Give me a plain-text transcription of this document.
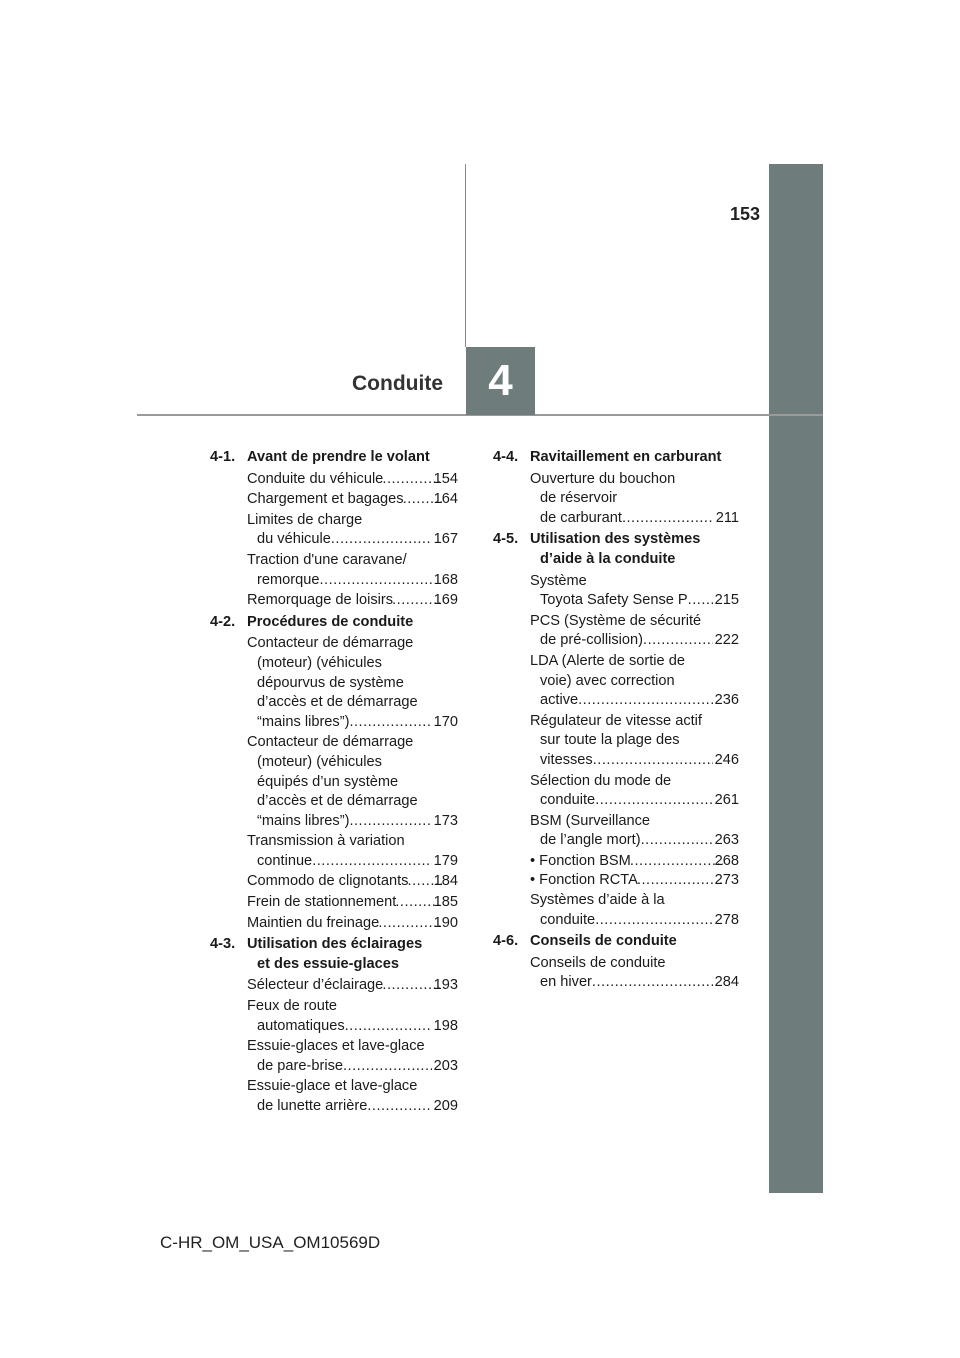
153
4
Conduite
4-1. Avant de prendre le volant
Conduite du véhicule .....	154
Chargement et bagages ..... 164
Limites de charge
du véhicule .....	167
Traction d'une caravane/
remorque .....	168
Remorquage de loisirs .....	169
4-2. Procédures de conduite
Contacteur de démarrage
(moteur) (véhicules
dépourvus de système
d’accès et de démarrage
“mains libres”) .....	170
Contacteur de démarrage
(moteur) (véhicules
équipés d’un système
d’accès et de démarrage
“mains libres”) .....	173
Transmission à variation
continue .....	179
Commodo de clignotants ..... 184
Frein de stationnement .....	185
Maintien du freinage .....	190
4-3. Utilisation des éclairages
et des essuie-glaces
Sélecteur d’éclairage .....	193
Feux de route
automatiques .....	198
Essuie-glaces et lave-glace
de pare-brise .....	203
Essuie-glace et lave-glace
de lunette arrière .....	209
4-4. Ravitaillement en carburant
Ouverture du bouchon
de réservoir
de carburant .....	211
4-5. Utilisation des systèmes
d’aide à la conduite
Système
Toyota Safety Sense P ..... 215
PCS (Système de sécurité
de pré-collision) .....	222
LDA (Alerte de sortie de
voie) avec correction
active .....	236
Régulateur de vitesse actif
sur toute la plage des
vitesses .....	246
Sélection du mode de
conduite .....	261
BSM (Surveillance
de l’angle mort) .....	263
• Fonction BSM .....	268
• Fonction RCTA .....	273
Systèmes d’aide à la
conduite .....	278
4-6. Conseils de conduite
Conseils de conduite
en hiver .....	284
C-HR_OM_USA_OM10569D
